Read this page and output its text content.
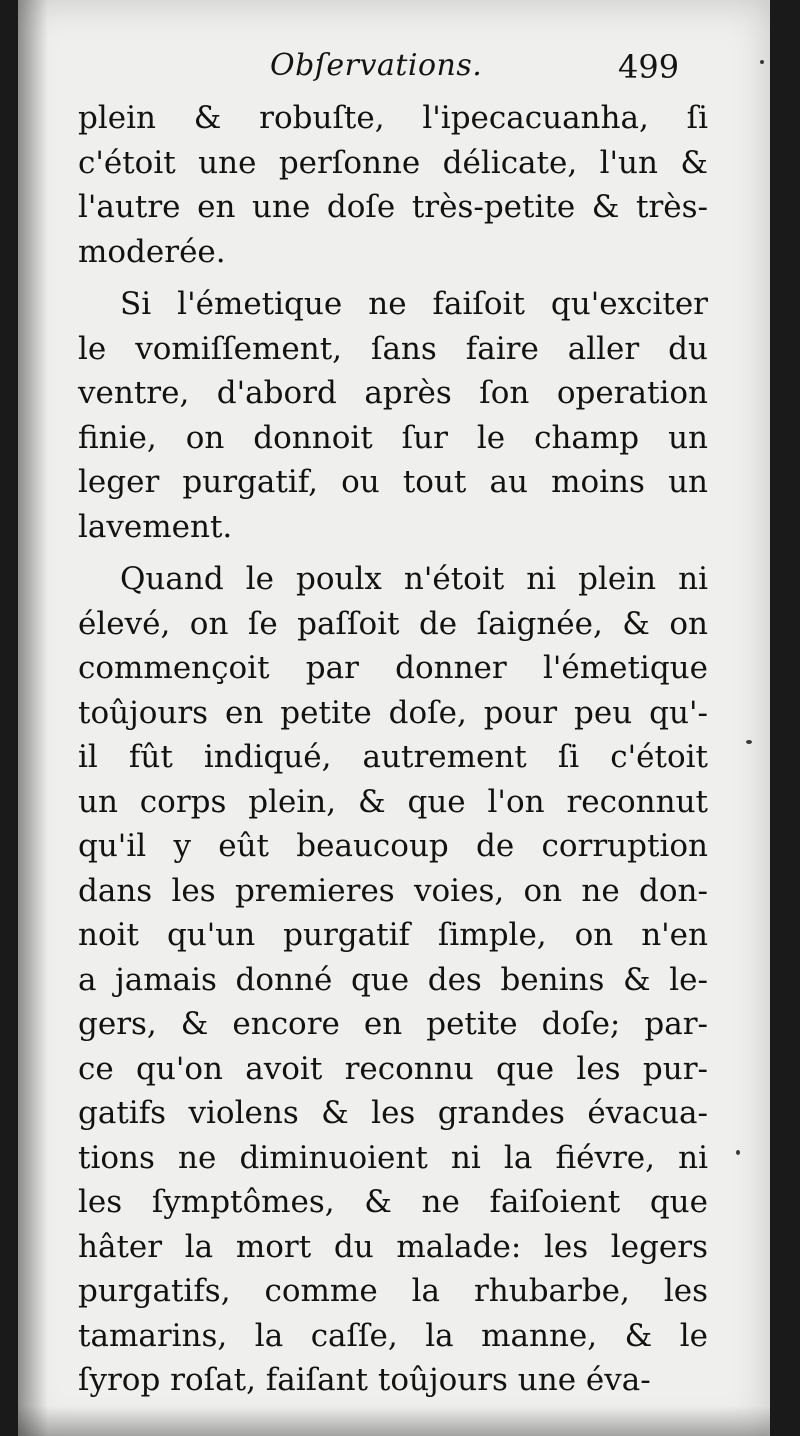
Obſervations.	499
plein & robuſte, l'ipecacuanha, ſi
c'étoit une perſonne délicate, l'un &
l'autre en une doſe très-petite & très-
moderée.
Si l'émetique ne faiſoit qu'exciter
le vomiſſement, ſans faire aller du
ventre, d'abord après ſon operation
finie, on donnoit ſur le champ un
leger purgatif, ou tout au moins un
lavement.
Quand le poulx n'étoit ni plein ni
élevé, on ſe paſſoit de ſaignée, & on
commençoit par donner l'émetique
toûjours en petite doſe, pour peu qu'-
il fût indiqué, autrement ſi c'étoit
un corps plein, & que l'on reconnut
qu'il y eût beaucoup de corruption
dans les premieres voies, on ne don-
noit qu'un purgatif ſimple, on n'en
a jamais donné que des benins & le-
gers, & encore en petite doſe; par-
ce qu'on avoit reconnu que les pur-
gatifs violens & les grandes évacua-
tions ne diminuoient ni la fiévre, ni
les ſymptômes, & ne faiſoient que
hâter la mort du malade: les legers
purgatifs, comme la rhubarbe, les
tamarins, la caſſe, la manne, & le
ſyrop roſat, faiſant toûjours une éva-
